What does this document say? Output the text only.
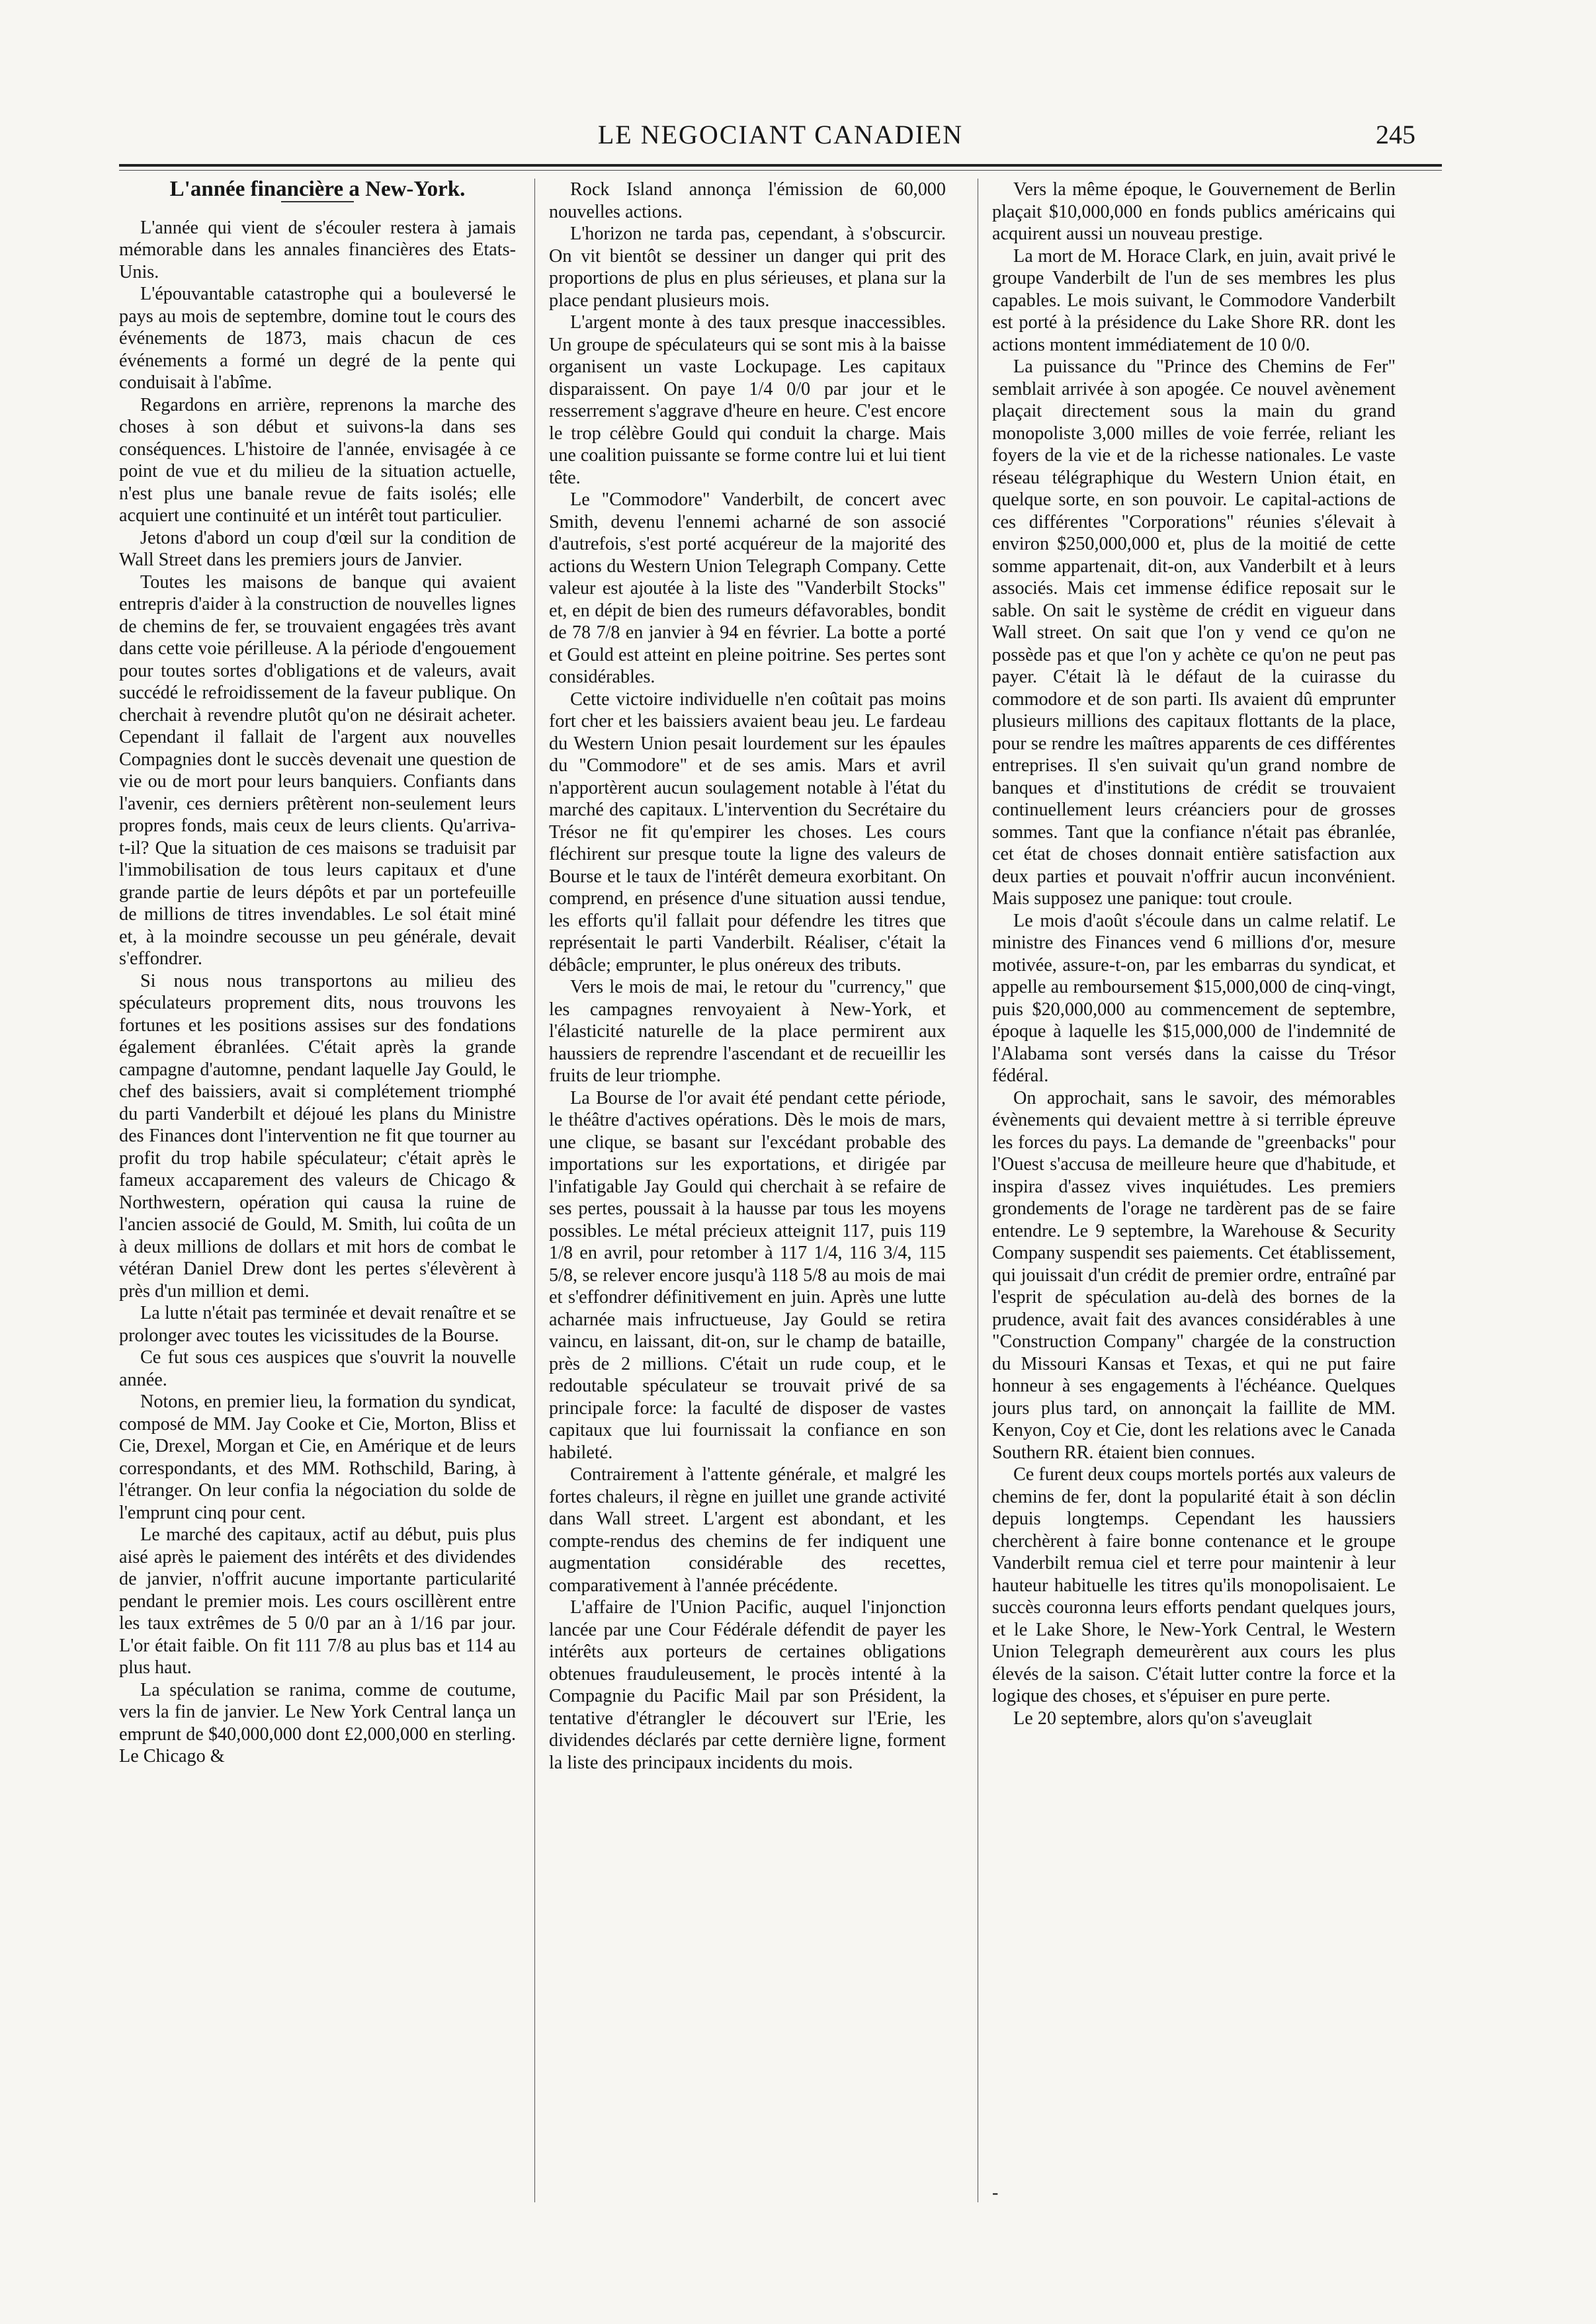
LE NEGOCIANT CANADIEN	245

L'année financière a New-York.

L'année qui vient de s'écouler restera à jamais mémorable dans les annales financières des Etats-Unis.

L'épouvantable catastrophe qui a bouleversé le pays au mois de septembre, domine tout le cours des événements de 1873, mais chacun de ces événements a formé un degré de la pente qui conduisait à l'abîme.

Regardons en arrière, reprenons la marche des choses à son début et suivons-la dans ses conséquences. L'histoire de l'année, envisagée à ce point de vue et du milieu de la situation actuelle, n'est plus une banale revue de faits isolés; elle acquiert une continuité et un intérêt tout particulier.

Jetons d'abord un coup d'œil sur la condition de Wall Street dans les premiers jours de Janvier.

Toutes les maisons de banque qui avaient entrepris d'aider à la construction de nouvelles lignes de chemins de fer, se trouvaient engagées très avant dans cette voie périlleuse. A la période d'engouement pour toutes sortes d'obligations et de valeurs, avait succédé le refroidissement de la faveur publique. On cherchait à revendre plutôt qu'on ne désirait acheter. Cependant il fallait de l'argent aux nouvelles Compagnies dont le succès devenait une question de vie ou de mort pour leurs banquiers. Confiants dans l'avenir, ces derniers prêtèrent non-seulement leurs propres fonds, mais ceux de leurs clients. Qu'arriva-t-il? Que la situation de ces maisons se traduisit par l'immobilisation de tous leurs capitaux et d'une grande partie de leurs dépôts et par un portefeuille de millions de titres invendables. Le sol était miné et, à la moindre secousse un peu générale, devait s'effondrer.

Si nous nous transportons au milieu des spéculateurs proprement dits, nous trouvons les fortunes et les positions assises sur des fondations également ébranlées. C'était après la grande campagne d'automne, pendant laquelle Jay Gould, le chef des baissiers, avait si complétement triomphé du parti Vanderbilt et déjoué les plans du Ministre des Finances dont l'intervention ne fit que tourner au profit du trop habile spéculateur; c'était après le fameux accaparement des valeurs de Chicago & Northwestern, opération qui causa la ruine de l'ancien associé de Gould, M. Smith, lui coûta de un à deux millions de dollars et mit hors de combat le vétéran Daniel Drew dont les pertes s'élevèrent à près d'un million et demi.

La lutte n'était pas terminée et devait renaître et se prolonger avec toutes les vicissitudes de la Bourse.

Ce fut sous ces auspices que s'ouvrit la nouvelle année.

Notons, en premier lieu, la formation du syndicat, composé de MM. Jay Cooke et Cie, Morton, Bliss et Cie, Drexel, Morgan et Cie, en Amérique et de leurs correspondants, et des MM. Rothschild, Baring, à l'étranger. On leur confia la négociation du solde de l'emprunt cinq pour cent.

Le marché des capitaux, actif au début, puis plus aisé après le paiement des intérêts et des dividendes de janvier, n'offrit aucune importante particularité pendant le premier mois. Les cours oscillèrent entre les taux extrêmes de 5 0/0 par an à 1/16 par jour. L'or était faible. On fit 111 7/8 au plus bas et 114 au plus haut.

La spéculation se ranima, comme de coutume, vers la fin de janvier. Le New York Central lança un emprunt de $40,000,000 dont £2,000,000 en sterling. Le Chicago &

Rock Island annonça l'émission de 60,000 nouvelles actions.

L'horizon ne tarda pas, cependant, à s'obscurcir. On vit bientôt se dessiner un danger qui prit des proportions de plus en plus sérieuses, et plana sur la place pendant plusieurs mois.

L'argent monte à des taux presque inaccessibles. Un groupe de spéculateurs qui se sont mis à la baisse organisent un vaste Lockupage. Les capitaux disparaissent. On paye 1/4 0/0 par jour et le resserrement s'aggrave d'heure en heure. C'est encore le trop célèbre Gould qui conduit la charge. Mais une coalition puissante se forme contre lui et lui tient tête.

Le "Commodore" Vanderbilt, de concert avec Smith, devenu l'ennemi acharné de son associé d'autrefois, s'est porté acquéreur de la majorité des actions du Western Union Telegraph Company. Cette valeur est ajoutée à la liste des "Vanderbilt Stocks" et, en dépit de bien des rumeurs défavorables, bondit de 78 7/8 en janvier à 94 en février. La botte a porté et Gould est atteint en pleine poitrine. Ses pertes sont considérables.

Cette victoire individuelle n'en coûtait pas moins fort cher et les baissiers avaient beau jeu. Le fardeau du Western Union pesait lourdement sur les épaules du "Commodore" et de ses amis. Mars et avril n'apportèrent aucun soulagement notable à l'état du marché des capitaux. L'intervention du Secrétaire du Trésor ne fit qu'empirer les choses. Les cours fléchirent sur presque toute la ligne des valeurs de Bourse et le taux de l'intérêt demeura exorbitant. On comprend, en présence d'une situation aussi tendue, les efforts qu'il fallait pour défendre les titres que représentait le parti Vanderbilt. Réaliser, c'était la débâcle; emprunter, le plus onéreux des tributs.

Vers le mois de mai, le retour du "currency," que les campagnes renvoyaient à New-York, et l'élasticité naturelle de la place permirent aux haussiers de reprendre l'ascendant et de recueillir les fruits de leur triomphe.

La Bourse de l'or avait été pendant cette période, le théâtre d'actives opérations. Dès le mois de mars, une clique, se basant sur l'excédant probable des importations sur les exportations, et dirigée par l'infatigable Jay Gould qui cherchait à se refaire de ses pertes, poussait à la hausse par tous les moyens possibles. Le métal précieux atteignit 117, puis 119 1/8 en avril, pour retomber à 117 1/4, 116 3/4, 115 5/8, se relever encore jusqu'à 118 5/8 au mois de mai et s'effondrer définitivement en juin. Après une lutte acharnée mais infructueuse, Jay Gould se retira vaincu, en laissant, dit-on, sur le champ de bataille, près de 2 millions. C'était un rude coup, et le redoutable spéculateur se trouvait privé de sa principale force: la faculté de disposer de vastes capitaux que lui fournissait la confiance en son habileté.

Contrairement à l'attente générale, et malgré les fortes chaleurs, il règne en juillet une grande activité dans Wall street. L'argent est abondant, et les compte-rendus des chemins de fer indiquent une augmentation considérable des recettes, comparativement à l'année précédente.

L'affaire de l'Union Pacific, auquel l'injonction lancée par une Cour Fédérale défendit de payer les intérêts aux porteurs de certaines obligations obtenues frauduleusement, le procès intenté à la Compagnie du Pacific Mail par son Président, la tentative d'étrangler le découvert sur l'Erie, les dividendes déclarés par cette dernière ligne, forment la liste des principaux incidents du mois.

Vers la même époque, le Gouvernement de Berlin plaçait $10,000,000 en fonds publics américains qui acquirent aussi un nouveau prestige.

La mort de M. Horace Clark, en juin, avait privé le groupe Vanderbilt de l'un de ses membres les plus capables. Le mois suivant, le Commodore Vanderbilt est porté à la présidence du Lake Shore RR. dont les actions montent immédiatement de 10 0/0.

La puissance du "Prince des Chemins de Fer" semblait arrivée à son apogée. Ce nouvel avènement plaçait directement sous la main du grand monopoliste 3,000 milles de voie ferrée, reliant les foyers de la vie et de la richesse nationales. Le vaste réseau télégraphique du Western Union était, en quelque sorte, en son pouvoir. Le capital-actions de ces différentes "Corporations" réunies s'élevait à environ $250,000,000 et, plus de la moitié de cette somme appartenait, dit-on, aux Vanderbilt et à leurs associés. Mais cet immense édifice reposait sur le sable. On sait le système de crédit en vigueur dans Wall street. On sait que l'on y vend ce qu'on ne possède pas et que l'on y achète ce qu'on ne peut pas payer. C'était là le défaut de la cuirasse du commodore et de son parti. Ils avaient dû emprunter plusieurs millions des capitaux flottants de la place, pour se rendre les maîtres apparents de ces différentes entreprises. Il s'en suivait qu'un grand nombre de banques et d'institutions de crédit se trouvaient continuellement leurs créanciers pour de grosses sommes. Tant que la confiance n'était pas ébranlée, cet état de choses donnait entière satisfaction aux deux parties et pouvait n'offrir aucun inconvénient. Mais supposez une panique: tout croule.

Le mois d'août s'écoule dans un calme relatif. Le ministre des Finances vend 6 millions d'or, mesure motivée, assure-t-on, par les embarras du syndicat, et appelle au remboursement $15,000,000 de cinq-vingt, puis $20,000,000 au commencement de septembre, époque à laquelle les $15,000,000 de l'indemnité de l'Alabama sont versés dans la caisse du Trésor fédéral.

On approchait, sans le savoir, des mémorables évènements qui devaient mettre à si terrible épreuve les forces du pays. La demande de "greenbacks" pour l'Ouest s'accusa de meilleure heure que d'habitude, et inspira d'assez vives inquiétudes. Les premiers grondements de l'orage ne tardèrent pas de se faire entendre. Le 9 septembre, la Warehouse & Security Company suspendit ses paiements. Cet établissement, qui jouissait d'un crédit de premier ordre, entraîné par l'esprit de spéculation au-delà des bornes de la prudence, avait fait des avances considérables à une "Construction Company" chargée de la construction du Missouri Kansas et Texas, et qui ne put faire honneur à ses engagements à l'échéance. Quelques jours plus tard, on annonçait la faillite de MM. Kenyon, Coy et Cie, dont les relations avec le Canada Southern RR. étaient bien connues.

Ce furent deux coups mortels portés aux valeurs de chemins de fer, dont la popularité était à son déclin depuis longtemps. Cependant les haussiers cherchèrent à faire bonne contenance et le groupe Vanderbilt remua ciel et terre pour maintenir à leur hauteur habituelle les titres qu'ils monopolisaient. Le succès couronna leurs efforts pendant quelques jours, et le Lake Shore, le New-York Central, le Western Union Telegraph demeurèrent aux cours les plus élevés de la saison. C'était lutter contre la force et la logique des choses, et s'épuiser en pure perte.

Le 20 septembre, alors qu'on s'aveuglait

-
